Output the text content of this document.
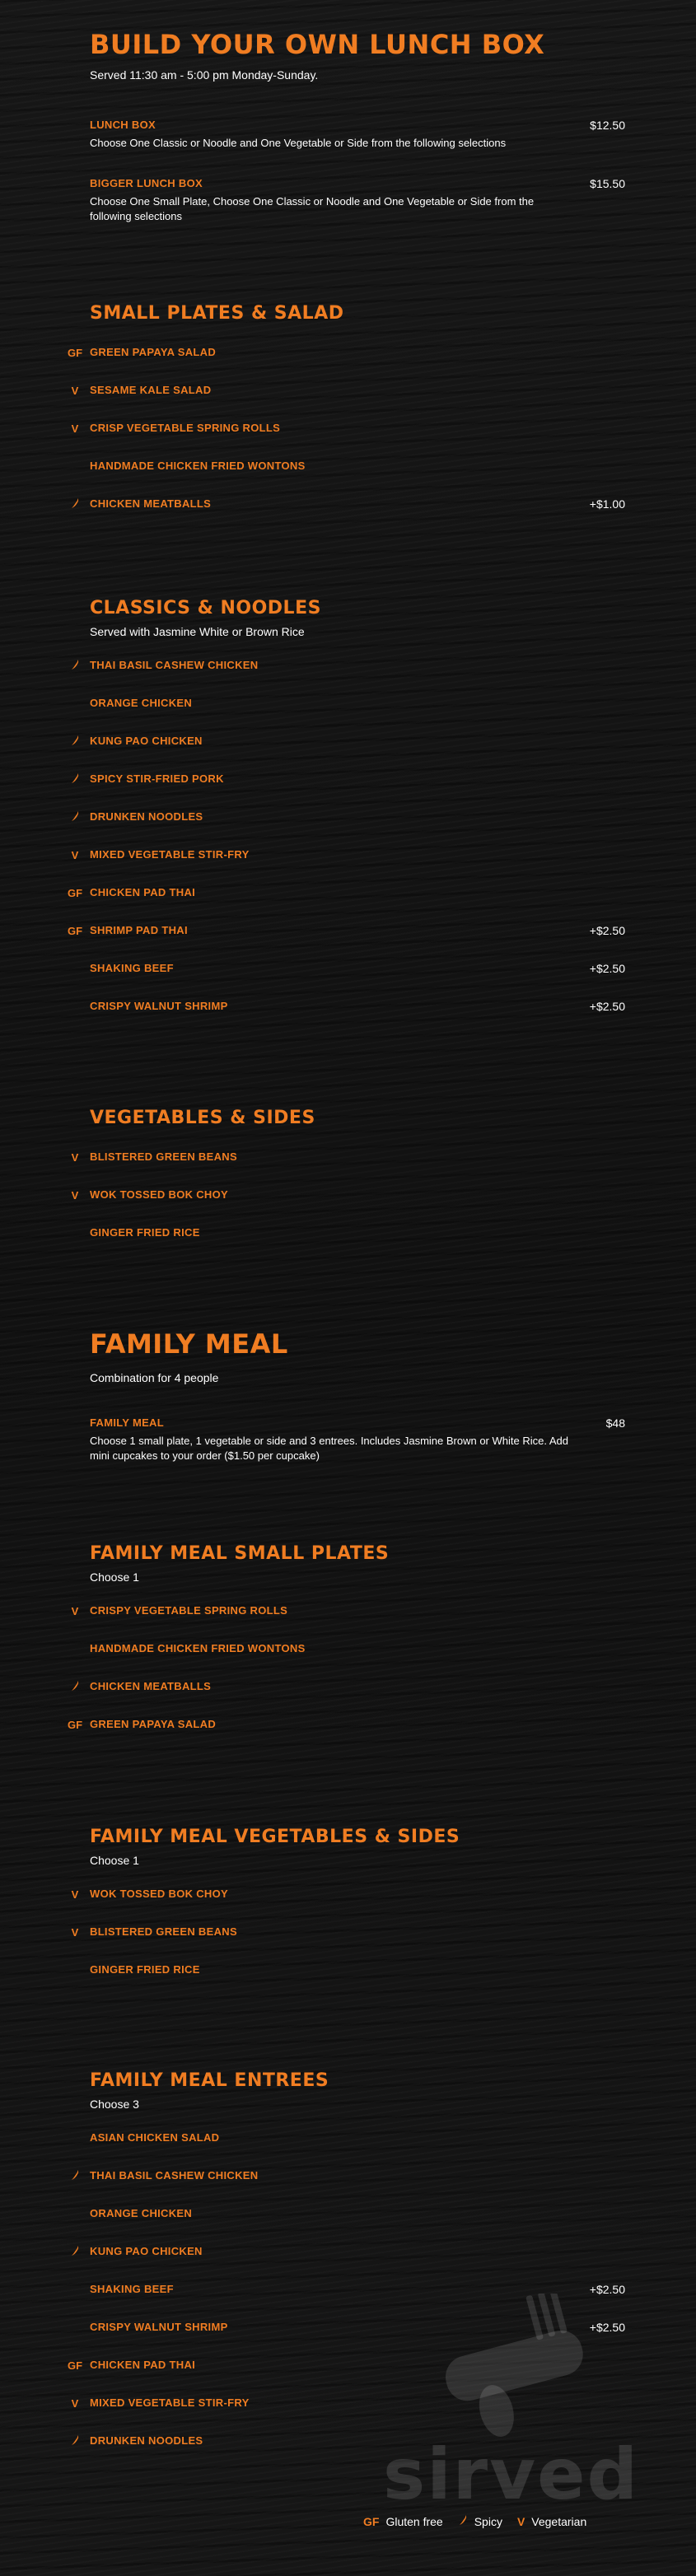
BUILD YOUR OWN LUNCH BOX
Served 11:30 am - 5:00 pm Monday-Sunday.
LUNCH BOX
Choose One Classic or Noodle and One Vegetable or Side from the following selections
$12.50
BIGGER LUNCH BOX
Choose One Small Plate, Choose One Classic or Noodle and One Vegetable or Side from the following selections
$15.50
SMALL PLATES & SALAD
GF GREEN PAPAYA SALAD
V	SESAME KALE SALAD
V	CRISP VEGETABLE SPRING ROLLS
HANDMADE CHICKEN FRIED WONTONS
CHICKEN MEATBALLS	+$1.00
CLASSICS & NOODLES
Served with Jasmine White or Brown Rice
THAI BASIL CASHEW CHICKEN
ORANGE CHICKEN
KUNG PAO CHICKEN
SPICY STIR-FRIED PORK
DRUNKEN NOODLES
V	MIXED VEGETABLE STIR-FRY
GF CHICKEN PAD THAI
GF SHRIMP PAD THAI	+$2.50
SHAKING BEEF	+$2.50
CRISPY WALNUT SHRIMP	+$2.50
VEGETABLES & SIDES
V	BLISTERED GREEN BEANS
V	WOK TOSSED BOK CHOY
GINGER FRIED RICE
FAMILY MEAL
Combination for 4 people
FAMILY MEAL
Choose 1 small plate, 1 vegetable or side and 3 entrees. Includes Jasmine Brown or White Rice. Add mini cupcakes to your order ($1.50 per cupcake)
$48
FAMILY MEAL SMALL PLATES
Choose 1
V	CRISPY VEGETABLE SPRING ROLLS
HANDMADE CHICKEN FRIED WONTONS
CHICKEN MEATBALLS
GF GREEN PAPAYA SALAD
FAMILY MEAL VEGETABLES & SIDES
Choose 1
V	WOK TOSSED BOK CHOY
V	BLISTERED GREEN BEANS
GINGER FRIED RICE
FAMILY MEAL ENTREES
Choose 3
ASIAN CHICKEN SALAD
THAI BASIL CASHEW CHICKEN
ORANGE CHICKEN
KUNG PAO CHICKEN
SHAKING BEEF	+$2.50
CRISPY WALNUT SHRIMP	+$2.50
GF CHICKEN PAD THAI
V	MIXED VEGETABLE STIR-FRY
DRUNKEN NOODLES	sirved
GF Gluten free	Spicy V Vegetarian
